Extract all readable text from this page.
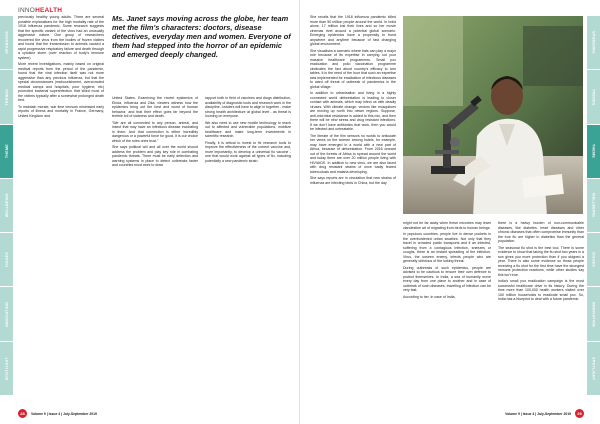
SPONSORS
TRENDS
THEME
WELLBEING
ISSUES
INNOVATION
SPOTLIGHT
INNOHEALTH
Ms. Janet says moving across the globe, her team met the film's characters: doctors, disease detectives, everyday men and women. Everyone of them had stepped into the horror of an epidemic and emerged deeply changed.

previously healthy young adults. There are several possible explanations for the high mortality rate of the 1918 influenza pandemic. Some research suggests that the specific variant of the virus had an unusually aggressive nature. One group of researchers recovered the virus from the bodies of frozen victims and found that the transmission to animals caused a rapid progressive respiratory failure and death through a cytokine storm (over reaction of body's immune system).

More recent investigations, mainly based on original medical reports from the period of the pandemic, found that the viral infection itself was not more aggressive than any previous influenza, but that the special circumstances (malnourishment, overcrowded medical camps and hospitals, poor hygiene, etc) promoted bacterial superinfection that killed most of the victims typically after a somewhat prolonged death bed.

To maintain morale, war time censors minimised early reports of illness and mortality in France, Germany, United Kingdom and

United States. Examining the recent epidemics of Ebola, Influenza and Zika, viewers witness how the epidemics bring out the best and worst of human behavior, and that their effect goes far beyond the terrible toll of sickness and death.

"We are all connected to any person, animal, and insect that may have an infectious disease incubating in them. And that connection is either incredibly dangerous or a powerful force for good. It is our choice which of the roles ones trust."

She says political will and all over the world should address the problem and play key role in combating pandemic threats. There must be early detection and warning systems in place to detect outbreaks faster and countries must work to draw

rapport both in field of vaccines and drugs distribution, availability of diagnostic tools and research work in the discipline. Leaders will have to align in together - make strong health architecture at global level - as threat is looming on everyone.

We also need to use new mobile technology to reach out to affected and vulnerable populations, mobilize healthcare and make long-term investments in scientific research.

Finally, it is critical to invest to fix research tools to improve the effectiveness of the current vaccine and, more importantly, to develop a universal flu vaccine - one that would work against all types of flu, including potentially a new pandemic strain.

28	Volume 9 | Issue 4 | July-September 2019
SPONSORS
TRENDS
THEME
WELLBEING
ISSUES
INNOVATION
SPOTLIGHT

She recalls that the 1918 influenza pandemic killed more than 50 million people around the world. In India alone, 17 million lost their lives and so her movie cinemas rivet around a potential global scenario. Emerging epidemics have a propensity to burst anywhere and anytime because of fast changing global environment.

She visualises a scenario where bats can play a major role because of its expertise in carrying out your massive healthcare programmes. Small pox eradication and polio vaccination programme vindicates the fact about country's efficacy to turn tables. It is the need of the hour that such an expertise was implemented for eradication of infectious diseases to ward off threat of outbreak of pandemics in the global village.

In addition to urbanisation and living in a highly connected world deforestation is leading to closer contact with animals, which may infect us with deadly viruses. With climate change, vectors like mosquitoes are moving up north into newer regions. Suppose, anti-microbial resistance is added to this mix, and then there will be new stress and drug resistant infections. If we don't have antibiotics that work, then you would be infected and untreatable.

The literate of the film sensors no words to articulate her views on the women among hotels, for example, may have emerged in a world with a new part of Africa, because of deforestation. From 2016 onward out of the forests of Africa to spread around the world and today there are over 20 million people living with HIV/AIDS. In addition to new virus, we are also faced with drug resistant strains of once badly feared tuberculosis and malaria developing.

She says reports are in circulation that new strains of influenza are infecting birds in China, but the day

might not be far away when these microbes may learn clandestine art of migrating from birds to human beings.

In populous countries, people live in dense pockets in the overburdened urban swathes. Not only that they travel in crowded public transports and if an infected, suffering from a contagious infection, sneezes or coughs, there is an instant spreading of the infection. Virus, the unseen enemy, infects people who are generally oblivious of the lurking threat.

During outbreaks of such epidemics, people are advised to be cautious to ensure their own defence to protect themselves. In India, a sea of humanity move every day from one place to another and in case of outbreak of such diseases, travelling of infection can be very fast.

According to her, in case of India,

there is a heavy burden of non-communicable diseases, like diabetes, heart diseases and other chronic diseases that often compromise immunity than the true flu are higher in diabetics than the general population.

The seasonal flu shot is the best tool. There is some evidence to show that taking the flu shot two years in a row gives you more protection than if you skipped a year. There is also some evidence so those people receiving a flu shot for the first time have the strongest immune protection reactions, while other studies say this isn't true.

India's small pox eradication campaign is the most successful healthcare drive in its history. During the time more than 100,000 health workers visited over 100 million households to eradicate small pox. So, India has a blueprint to deal with a future pandemic.

Volume 9 | Issue 4 | July-September 2019	29
